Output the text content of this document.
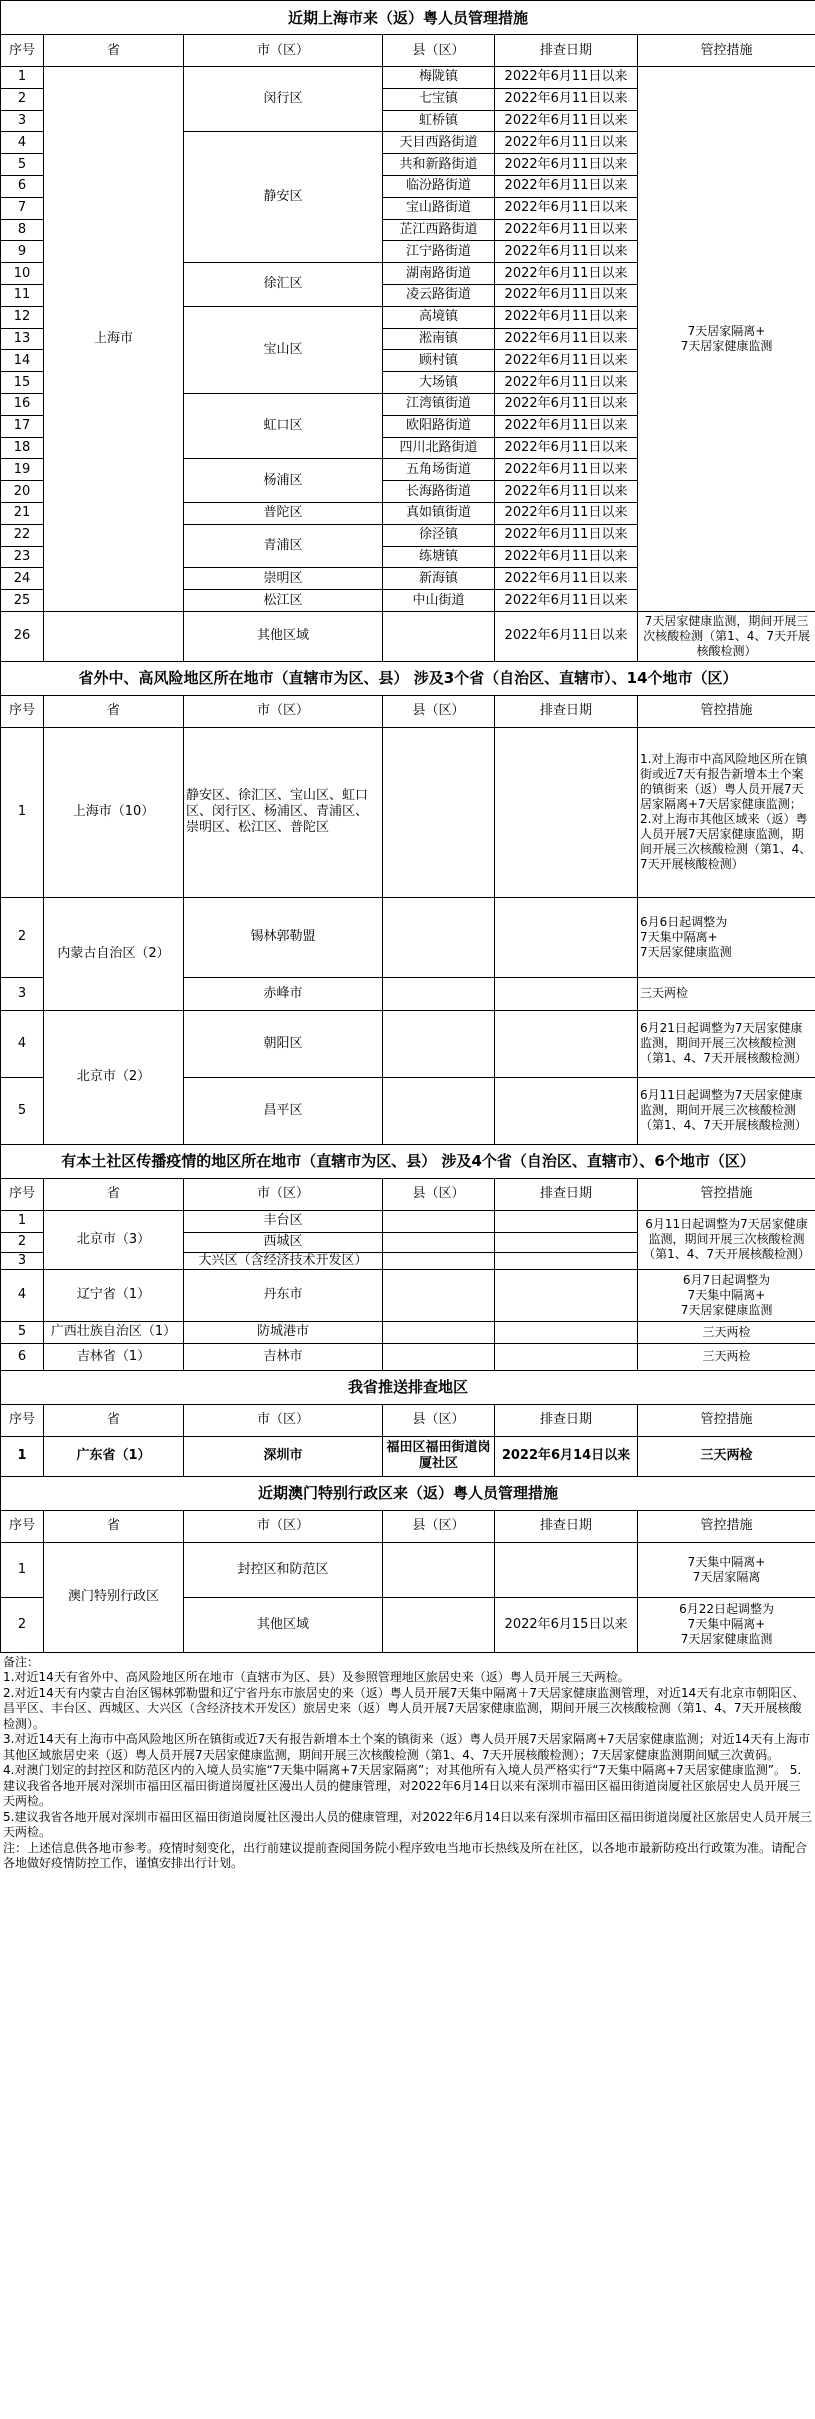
近期上海市来（返）粤人员管理措施					
序号	省	市（区）	县（区）	排查日期	管控措施
1	上海市	闵行区	梅陇镇	2022年6月11日以来	7天居家隔离+
7天居家健康监测
2			七宝镇	2022年6月11日以来	
3			虹桥镇	2022年6月11日以来	
4		静安区	天目西路街道	2022年6月11日以来	
5			共和新路街道	2022年6月11日以来	
6			临汾路街道	2022年6月11日以来	
7			宝山路街道	2022年6月11日以来	
8			芷江西路街道	2022年6月11日以来	
9			江宁路街道	2022年6月11日以来	
10		徐汇区	湖南路街道	2022年6月11日以来	
11			凌云路街道	2022年6月11日以来	
12		宝山区	高境镇	2022年6月11日以来	
13			淞南镇	2022年6月11日以来	
14			顾村镇	2022年6月11日以来	
15			大场镇	2022年6月11日以来	
16		虹口区	江湾镇街道	2022年6月11日以来	
17			欧阳路街道	2022年6月11日以来	
18			四川北路街道	2022年6月11日以来	
19		杨浦区	五角场街道	2022年6月11日以来	
20			长海路街道	2022年6月11日以来	
21		普陀区	真如镇街道	2022年6月11日以来	
22		青浦区	徐泾镇	2022年6月11日以来	
23			练塘镇	2022年6月11日以来	
24		崇明区	新海镇	2022年6月11日以来	
25		松江区	中山街道	2022年6月11日以来	
26		其他区域		2022年6月11日以来	7天居家健康监测，期间开展三次核酸检测（第1、4、7天开展核酸检测）
省外中、高风险地区所在地市（直辖市为区、县） 涉及3个省（自治区、直辖市）、14个地市（区）					
序号	省	市（区）	县（区）	排查日期	管控措施
1	上海市（10）	静安区、徐汇区、宝山区、虹口区、闵行区、杨浦区、青浦区、崇明区、松江区、普陀区			1.对上海市中高风险地区所在镇街或近7天有报告新增本土个案的镇街来（返）粤人员开展7天居家隔离+7天居家健康监测；
2.对上海市其他区域来（返）粤人员开展7天居家健康监测，期间开展三次核酸检测（第1、4、7天开展核酸检测）
2	内蒙古自治区（2）	锡林郭勒盟			6月6日起调整为
7天集中隔离+
7天居家健康监测
3		赤峰市			三天两检
4	北京市（2）	朝阳区			6月21日起调整为7天居家健康监测，期间开展三次核酸检测（第1、4、7天开展核酸检测）
5		昌平区			6月11日起调整为7天居家健康监测，期间开展三次核酸检测（第1、4、7天开展核酸检测）
有本土社区传播疫情的地区所在地市（直辖市为区、县） 涉及4个省（自治区、直辖市）、6个地市（区）					
序号	省	市（区）	县（区）	排查日期	管控措施
1	北京市（3）	丰台区			6月11日起调整为7天居家健康监测，期间开展三次核酸检测（第1、4、7天开展核酸检测）
2		西城区			
3		大兴区（含经济技术开发区）			
4	辽宁省（1）	丹东市			6月7日起调整为
7天集中隔离+
7天居家健康监测
5	广西壮族自治区（1）	防城港市			三天两检
6	吉林省（1）	吉林市			三天两检
我省推送排查地区					
序号	省	市（区）	县（区）	排查日期	管控措施
1	广东省（1）	深圳市	福田区福田街道岗厦社区	2022年6月14日以来	三天两检
近期澳门特别行政区来（返）粤人员管理措施					
序号	省	市（区）	县（区）	排查日期	管控措施
1	澳门特别行政区	封控区和防范区			7天集中隔离+
7天居家隔离
2		其他区域		2022年6月15日以来	6月22日起调整为
7天集中隔离+
7天居家健康监测
备注：
1.对近14天有省外中、高风险地区所在地市（直辖市为区、县）及参照管理地区旅居史来（返）粤人员开展三天两检。
2.对近14天有内蒙古自治区锡林郭勒盟和辽宁省丹东市旅居史的来（返）粤人员开展7天集中隔离＋7天居家健康监测管理，对近14天有北京市朝阳区、昌平区、丰台区、西城区、大兴区（含经济技术开发区）旅居史来（返）粤人员开展7天居家健康监测，期间开展三次核酸检测（第1、4、7天开展核酸检测）。
3.对近14天有上海市中高风险地区所在镇街或近7天有报告新增本土个案的镇街来（返）粤人员开展7天居家隔离+7天居家健康监测；对近14天有上海市其他区域旅居史来（返）粤人员开展7天居家健康监测，期间开展三次核酸检测（第1、4、7天开展核酸检测）；7天居家健康监测期间赋三次黄码。
4.对澳门划定的封控区和防范区内的入境人员实施“7天集中隔离+7天居家隔离”；对其他所有入境人员严格实行“7天集中隔离+7天居家健康监测”。 5.建议我省各地开展对深圳市福田区福田街道岗厦社区漫出人员的健康管理，对2022年6月14日以来有深圳市福田区福田街道岗厦社区旅居史人员开展三天两检。
5.建议我省各地开展对深圳市福田区福田街道岗厦社区漫出人员的健康管理，对2022年6月14日以来有深圳市福田区福田街道岗厦社区旅居史人员开展三天两检。
注：上述信息供各地市参考。疫情时刻变化，出行前建议提前查阅国务院小程序致电当地市长热线及所在社区，以各地市最新防疫出行政策为准。请配合各地做好疫情防控工作，谨慎安排出行计划。
